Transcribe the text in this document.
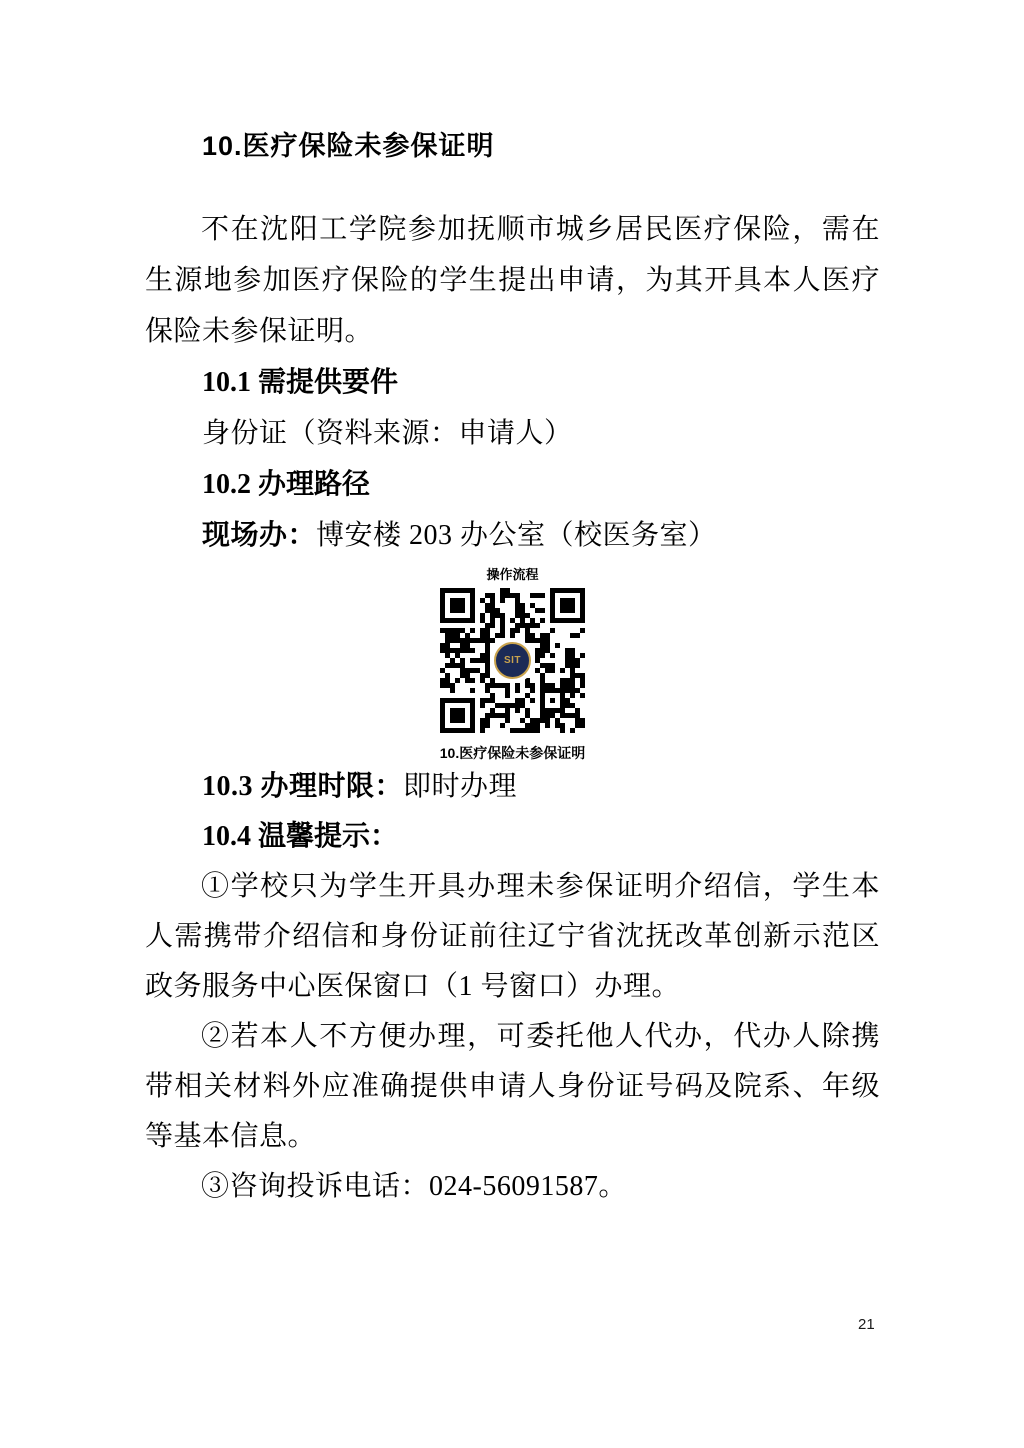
10.医疗保险未参保证明

不在沈阳工学院参加抚顺市城乡居民医疗保险，需在生源地参加医疗保险的学生提出申请，为其开具本人医疗保险未参保证明。

10.1 需提供要件

身份证（资料来源：申请人）

10.2 办理路径

现场办：博安楼 203 办公室（校医务室）

操作流程

SIT

10.医疗保险未参保证明

10.3 办理时限：即时办理

10.4 温馨提示：

①学校只为学生开具办理未参保证明介绍信，学生本人需携带介绍信和身份证前往辽宁省沈抚改革创新示范区政务服务中心医保窗口（1 号窗口）办理。

②若本人不方便办理，可委托他人代办，代办人除携带相关材料外应准确提供申请人身份证号码及院系、年级等基本信息。

③咨询投诉电话：024-56091587。

21
